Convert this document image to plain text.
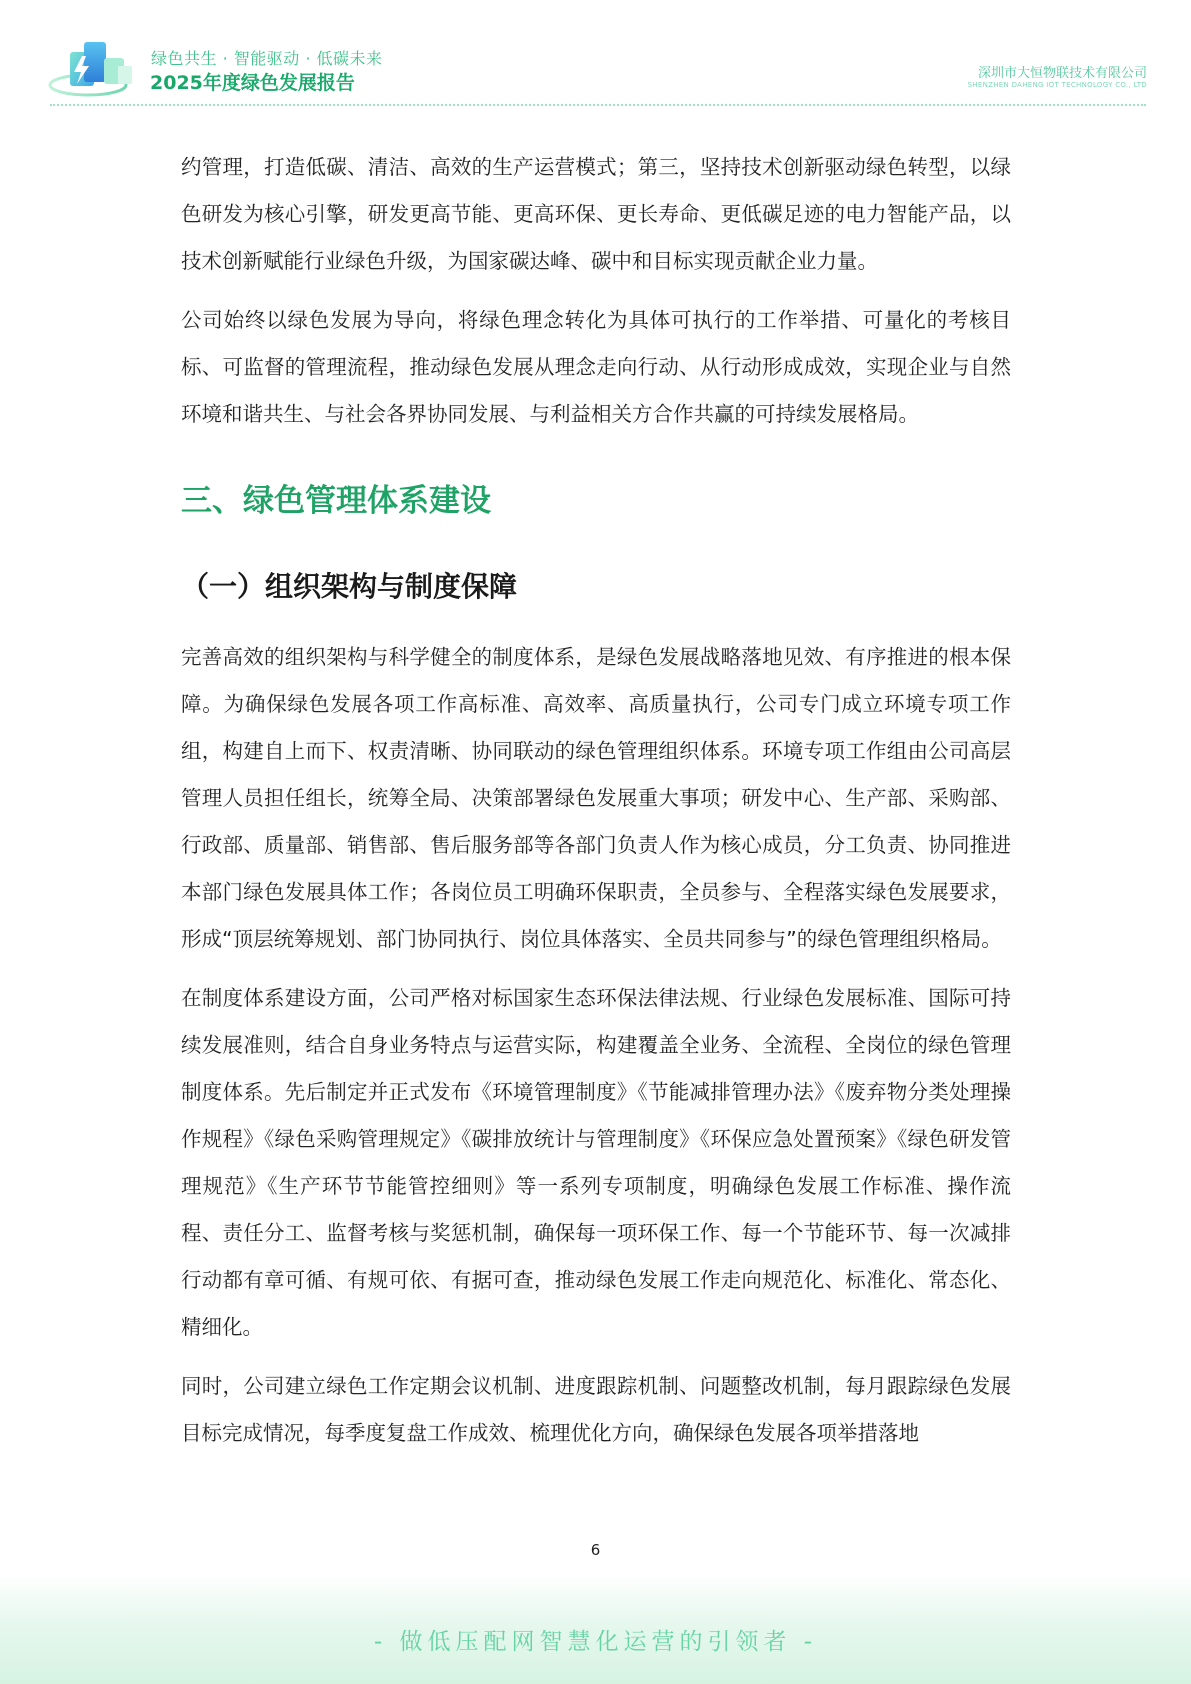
绿色共生 · 智能驱动 · 低碳未来
2025年度绿色发展报告	深圳市大恒物联技术有限公司
SHENZHEN DAHENG IOT TECHNOLOGY CO., LTD

约管理，打造低碳、清洁、高效的生产运营模式；第三，坚持技术创新驱动绿色转型，以绿色研发为核心引擎，研发更高节能、更高环保、更长寿命、更低碳足迹的电力智能产品，以技术创新赋能行业绿色升级，为国家碳达峰、碳中和目标实现贡献企业力量。

公司始终以绿色发展为导向，将绿色理念转化为具体可执行的工作举措、可量化的考核目标、可监督的管理流程，推动绿色发展从理念走向行动、从行动形成成效，实现企业与自然环境和谐共生、与社会各界协同发展、与利益相关方合作共赢的可持续发展格局。

三、绿色管理体系建设
（一）组织架构与制度保障

完善高效的组织架构与科学健全的制度体系，是绿色发展战略落地见效、有序推进的根本保障。为确保绿色发展各项工作高标准、高效率、高质量执行，公司专门成立环境专项工作组，构建自上而下、权责清晰、协同联动的绿色管理组织体系。环境专项工作组由公司高层管理人员担任组长，统筹全局、决策部署绿色发展重大事项；研发中心、生产部、采购部、行政部、质量部、销售部、售后服务部等各部门负责人作为核心成员，分工负责、协同推进本部门绿色发展具体工作；各岗位员工明确环保职责，全员参与、全程落实绿色发展要求，形成“顶层统筹规划、部门协同执行、岗位具体落实、全员共同参与”的绿色管理组织格局。

在制度体系建设方面，公司严格对标国家生态环保法律法规、行业绿色发展标准、国际可持续发展准则，结合自身业务特点与运营实际，构建覆盖全业务、全流程、全岗位的绿色管理制度体系。先后制定并正式发布《环境管理制度》《节能减排管理办法》《废弃物分类处理操作规程》《绿色采购管理规定》《碳排放统计与管理制度》《环保应急处置预案》《绿色研发管理规范》《生产环节节能管控细则》等一系列专项制度，明确绿色发展工作标准、操作流程、责任分工、监督考核与奖惩机制，确保每一项环保工作、每一个节能环节、每一次减排行动都有章可循、有规可依、有据可查，推动绿色发展工作走向规范化、标准化、常态化、精细化。

同时，公司建立绿色工作定期会议机制、进度跟踪机制、问题整改机制，每月跟踪绿色发展目标完成情况，每季度复盘工作成效、梳理优化方向，确保绿色发展各项举措落地

6
- 做低压配网智慧化运营的引领者 -
